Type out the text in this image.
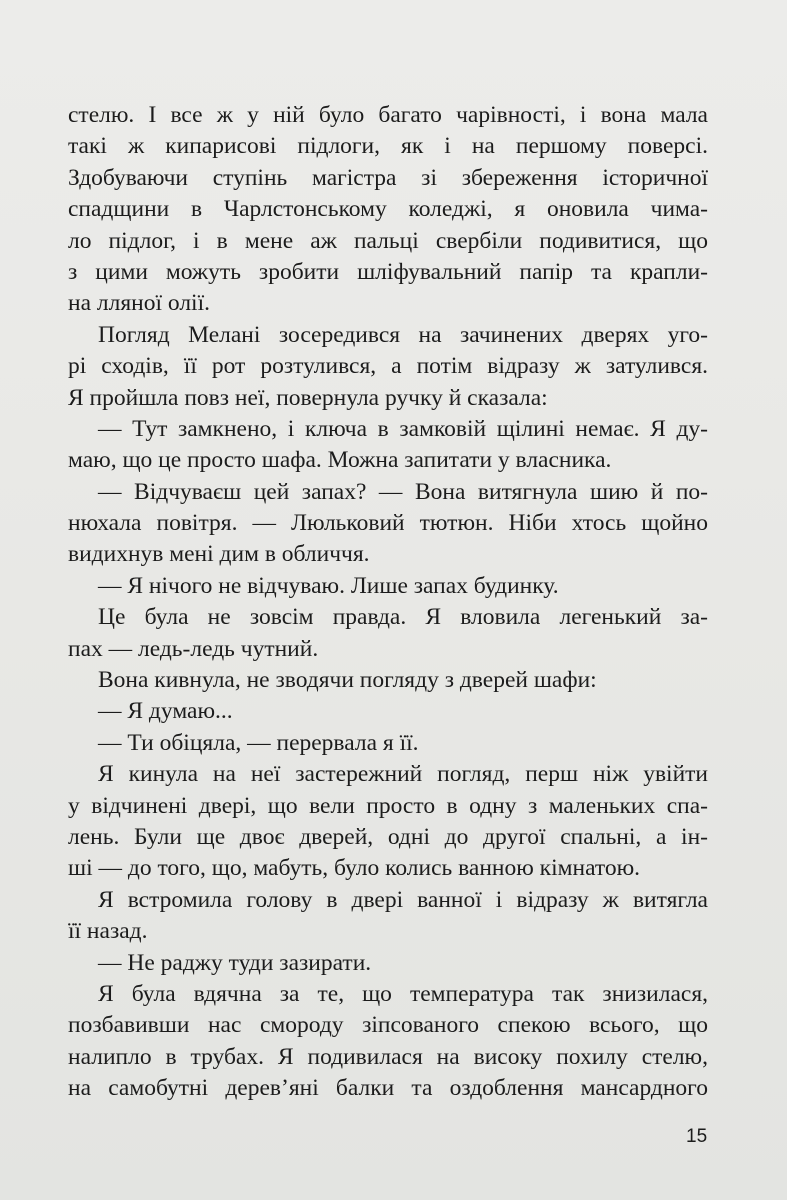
стелю. І все ж у ній було багато чарівності, і вона мала
такі ж кипарисові підлоги, як і на першому поверсі.
Здобуваючи ступінь магістра зі збереження історичної
спадщини в Чарлстонському коледжі, я оновила чима-
ло підлог, і в мене аж пальці свербіли подивитися, що
з цими можуть зробити шліфувальний папір та крапли-
на лляної олії.
Погляд Мелані зосередився на зачинених дверях уго-
рі сходів, її рот розтулився, а потім відразу ж затулився.
Я пройшла повз неї, повернула ручку й сказала:
— Тут замкнено, і ключа в замковій щілині немає. Я ду-
маю, що це просто шафа. Можна запитати у власника.
— Відчуваєш цей запах? — Вона витягнула шию й по-
нюхала повітря. — Люльковий тютюн. Ніби хтось щойно
видихнув мені дим в обличчя.
— Я нічого не відчуваю. Лише запах будинку.
Це була не зовсім правда. Я вловила легенький за-
пах — ледь-ледь чутний.
Вона кивнула, не зводячи погляду з дверей шафи:
— Я думаю...
— Ти обіцяла, — перервала я її.
Я кинула на неї застережний погляд, перш ніж увійти
у відчинені двері, що вели просто в одну з маленьких спа-
лень. Були ще двоє дверей, одні до другої спальні, а ін-
ші — до того, що, мабуть, було колись ванною кімнатою.
Я встромила голову в двері ванної і відразу ж витягла
її назад.
— Не раджу туди зазирати.
Я була вдячна за те, що температура так знизилася,
позбавивши нас смороду зіпсованого спекою всього, що
налипло в трубах. Я подивилася на високу похилу стелю,
на самобутні дерев’яні балки та оздоблення мансардного
15
